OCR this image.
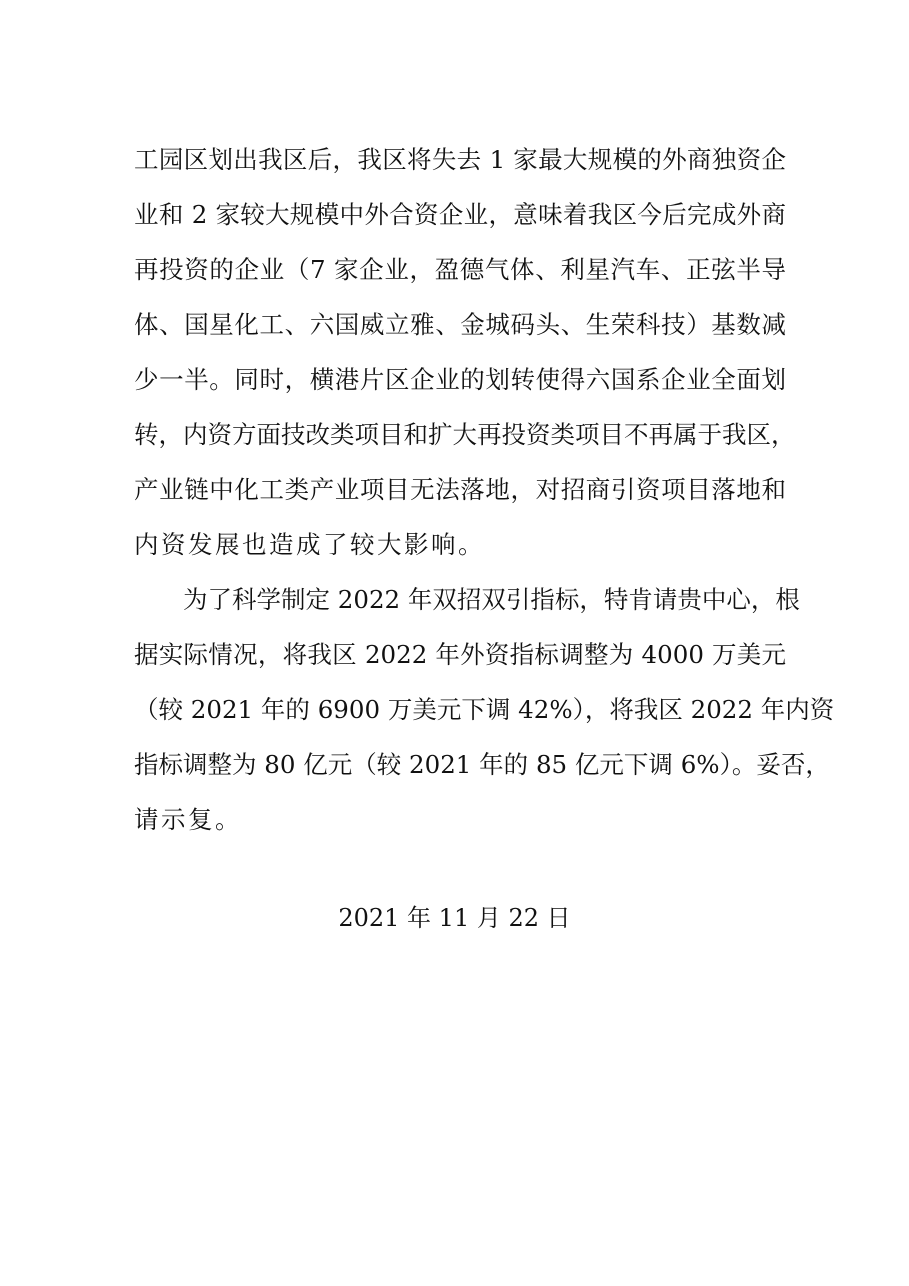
工园区划出我区后，我区将失去 1 家最大规模的外商独资企
业和 2 家较大规模中外合资企业，意味着我区今后完成外商
再投资的企业（7 家企业，盈德气体、利星汽车、正弦半导
体、国星化工、六国威立雅、金城码头、生荣科技）基数减
少一半。同时，横港片区企业的划转使得六国系企业全面划
转，内资方面技改类项目和扩大再投资类项目不再属于我区，
产业链中化工类产业项目无法落地，对招商引资项目落地和
内资发展也造成了较大影响。
　　为了科学制定 2022 年双招双引指标，特肯请贵中心，根
据实际情况，将我区 2022 年外资指标调整为 4000 万美元
（较 2021 年的 6900 万美元下调 42%），将我区 2022 年内资
指标调整为 80 亿元（较 2021 年的 85 亿元下调 6%）。妥否，
请示复。
2021 年 11 月 22 日
